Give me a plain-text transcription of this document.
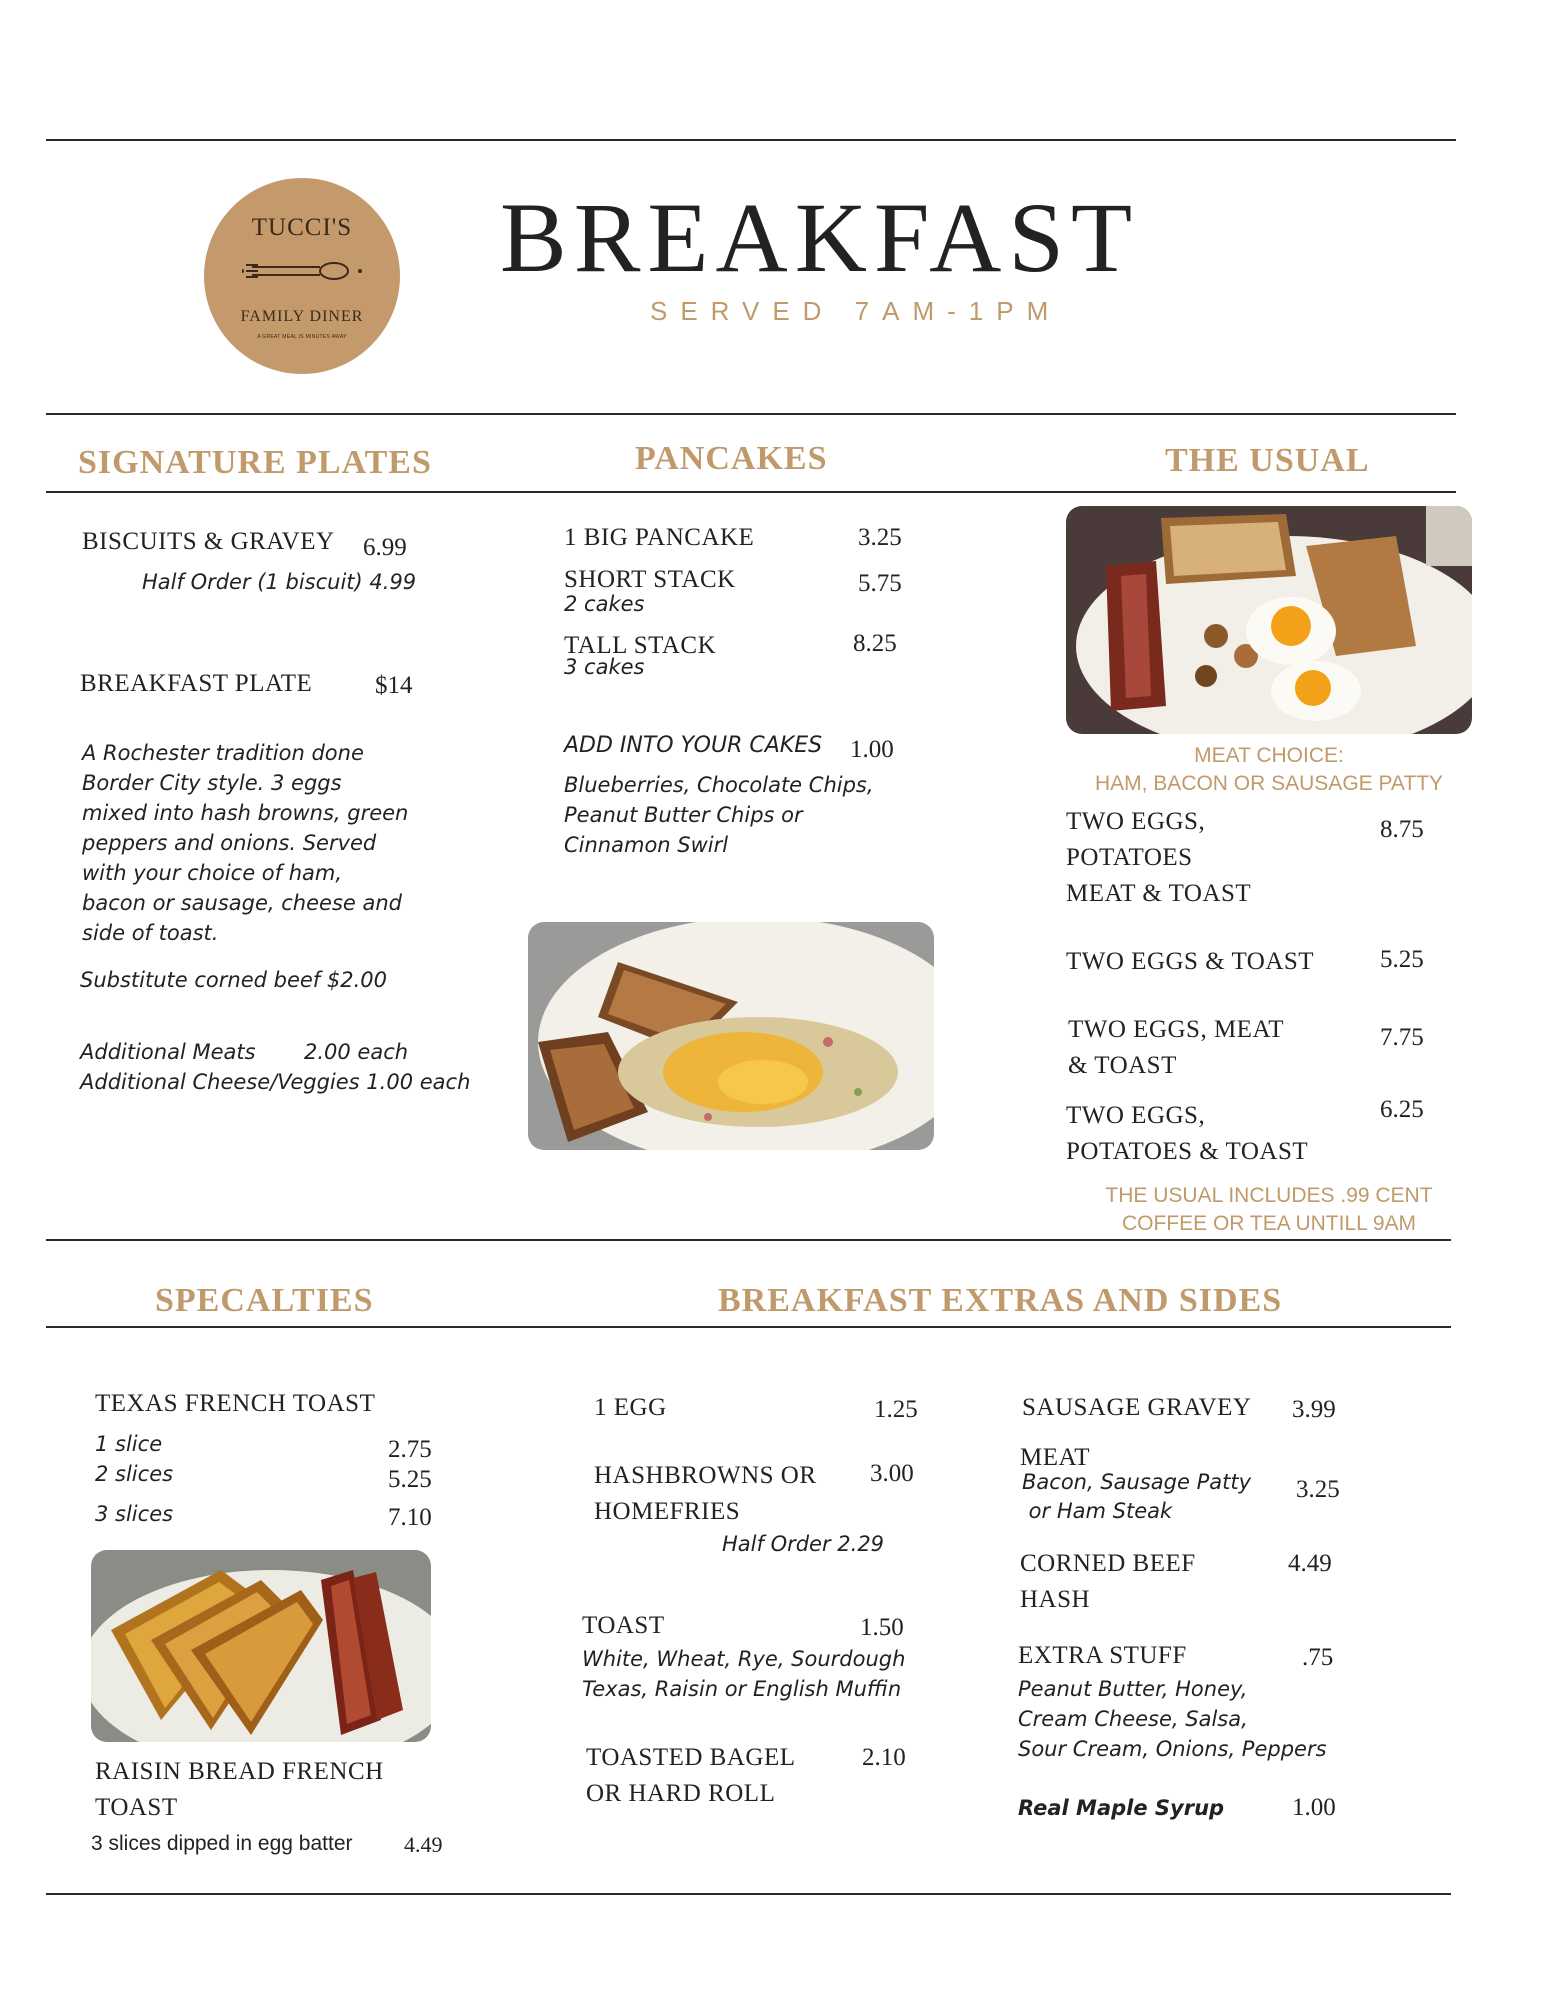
TUCCI'S
FAMILY DINER
A GREAT MEAL IS MINUTES AWAY
BREAKFAST
SERVED 7AM-1PM
SIGNATURE PLATES	PANCAKES	THE USUAL
BISCUITS & GRAVEY 6.99
Half Order (1 biscuit) 4.99
BREAKFAST PLATE	$14
A Rochester tradition done
Border City style. 3 eggs
mixed into hash browns, green
peppers and onions. Served
with your choice of ham,
bacon or sausage, cheese and
side of toast.
Substitute corned beef $2.00
Additional Meats 2.00 each
Additional Cheese/Veggies 1.00 each
1 BIG PANCAKE	3.25
SHORT STACK
2 cakes
5.75
TALL STACK
3 cakes
8.25
ADD INTO YOUR CAKES 1.00
Blueberries, Chocolate Chips,
Peanut Butter Chips or
Cinnamon Swirl
MEAT CHOICE:
HAM, BACON OR SAUSAGE PATTY
TWO EGGS,
POTATOES
MEAT & TOAST
8.75
TWO EGGS & TOAST	5.25
TWO EGGS, MEAT
& TOAST
7.75
TWO EGGS,
POTATOES & TOAST
6.25
THE USUAL INCLUDES .99 CENT
COFFEE OR TEA UNTILL 9AM
SPECALTIES	BREAKFAST EXTRAS AND SIDES
TEXAS FRENCH TOAST
1 slice	2.75
2 slices	5.25
3 slices	7.10
RAISIN BREAD FRENCH
TOAST
3 slices dipped in egg batter 4.49
1 EGG	1.25
HASHBROWNS OR
HOMEFRIES
3.00
Half Order 2.29
TOAST	1.50
White, Wheat, Rye, Sourdough
Texas, Raisin or English Muffin
TOASTED BAGEL
OR HARD ROLL
2.10
SAUSAGE GRAVEY 3.99
MEAT
Bacon, Sausage Patty
or Ham Steak
3.25
CORNED BEEF
HASH
4.49
EXTRA STUFF	.75
Peanut Butter, Honey,
Cream Cheese, Salsa,
Sour Cream, Onions, Peppers
Real Maple Syrup	1.00
